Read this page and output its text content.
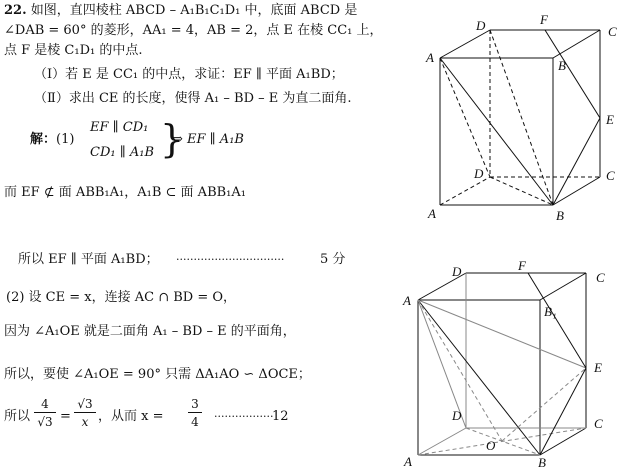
22. 如图，直四棱柱 ABCD – A₁B₁C₁D₁ 中，底面 ABCD 是
∠DAB = 60° 的菱形，AA₁ = 4，AB = 2，点 E 在棱 CC₁ 上，
点 F 是棱 C₁D₁ 的中点.
（Ⅰ）若 E 是 CC₁ 的中点，求证：EF ∥ 平面 A₁BD；
（Ⅱ）求出 CE 的长度，使得 A₁ – BD – E 为直二面角.
解：(1)
EF ∥ CD₁
CD₁ ∥ A₁B }
⇒ EF ∥ A₁B
而 EF ⊄ 面 ABB₁A₁，A₁B ⊂ 面 ABB₁A₁
所以 EF ∥ 平面 A₁BD； ·······························	5 分
(2) 设 CE = x，连接 AC ∩ BD = O，
因为 ∠A₁OE 就是二面角 A₁ – BD – E 的平面角，
所以，要使 ∠A₁OE = 90° 只需 ΔA₁AO ∽ ΔOCE；
所以 $\frac{4}{√3} = \frac{√3}{x}$ ，从而 $x = \frac{3}{4}$ ·················
12
D	F
C
A
B
E
D	C
A	B
D	F
C
A
B₁
E
D
C
O
A	B
